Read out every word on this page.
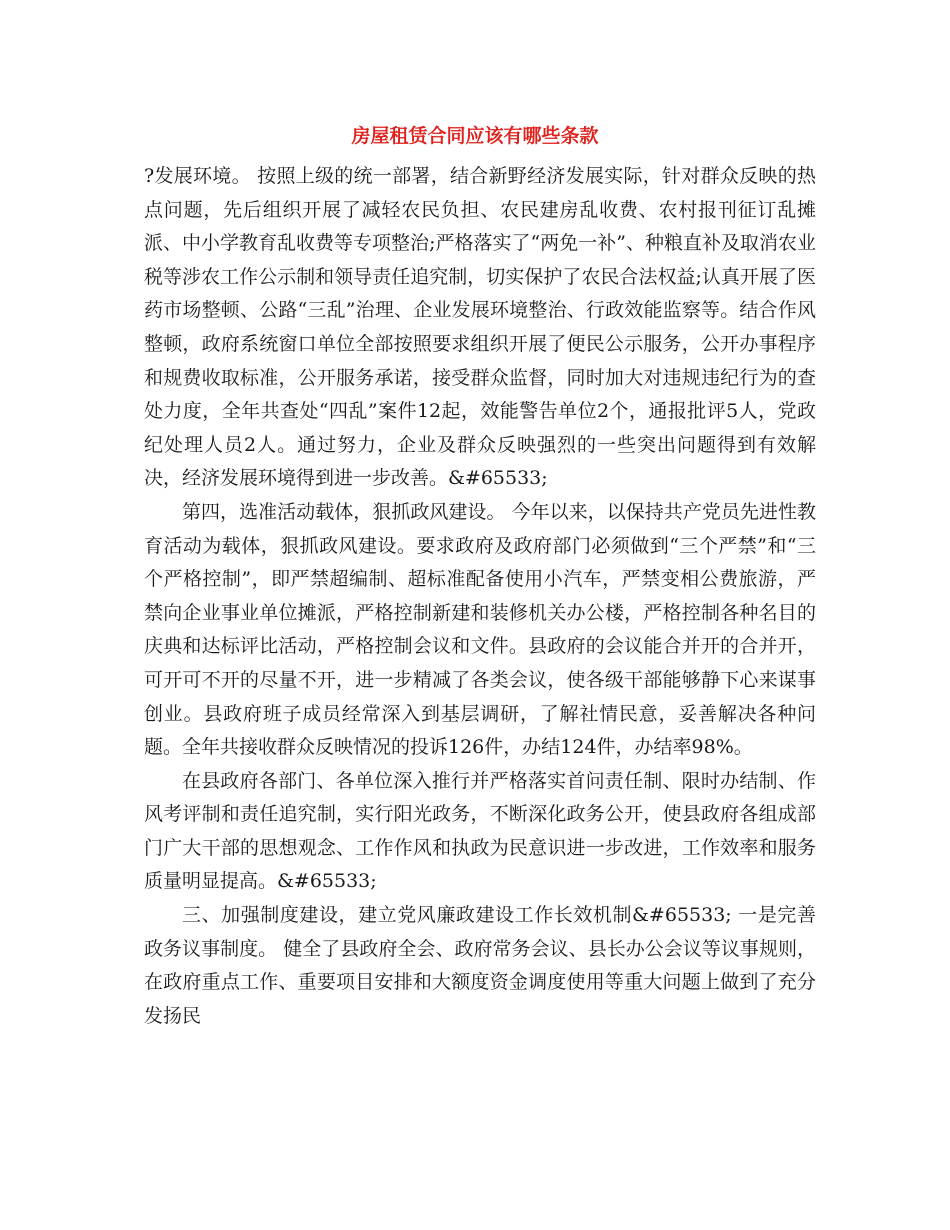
房屋租赁合同应该有哪些条款

?发展环境。 按照上级的统一部署，结合新野经济发展实际，针对群众反映的热点问题，先后组织开展了减轻农民负担、农民建房乱收费、农村报刊征订乱摊派、中小学教育乱收费等专项整治;严格落实了“两免一补”、种粮直补及取消农业税等涉农工作公示制和领导责任追究制，切实保护了农民合法权益;认真开展了医药市场整顿、公路“三乱”治理、企业发展环境整治、行政效能监察等。结合作风整顿，政府系统窗口单位全部按照要求组织开展了便民公示服务，公开办事程序和规费收取标准，公开服务承诺，接受群众监督，同时加大对违规违纪行为的查处力度，全年共查处“四乱”案件12起，效能警告单位2个，通报批评5人，党政纪处理人员2人。通过努力，企业及群众反映强烈的一些突出问题得到有效解决，经济发展环境得到进一步改善。&#65533;

第四，选准活动载体，狠抓政风建设。 今年以来，以保持共产党员先进性教育活动为载体，狠抓政风建设。要求政府及政府部门必须做到“三个严禁”和“三个严格控制”，即严禁超编制、超标准配备使用小汽车，严禁变相公费旅游，严禁向企业事业单位摊派，严格控制新建和装修机关办公楼，严格控制各种名目的庆典和达标评比活动，严格控制会议和文件。县政府的会议能合并开的合并开，可开可不开的尽量不开，进一步精减了各类会议，使各级干部能够静下心来谋事创业。县政府班子成员经常深入到基层调研，了解社情民意，妥善解决各种问题。全年共接收群众反映情况的投诉126件，办结124件，办结率98%。

在县政府各部门、各单位深入推行并严格落实首问责任制、限时办结制、作风考评制和责任追究制，实行阳光政务，不断深化政务公开，使县政府各组成部门广大干部的思想观念、工作作风和执政为民意识进一步改进，工作效率和服务质量明显提高。&#65533;

三、加强制度建设，建立党风廉政建设工作长效机制&#65533; 一是完善政务议事制度。 健全了县政府全会、政府常务会议、县长办公会议等议事规则，在政府重点工作、重要项目安排和大额度资金调度使用等重大问题上做到了充分发扬民
